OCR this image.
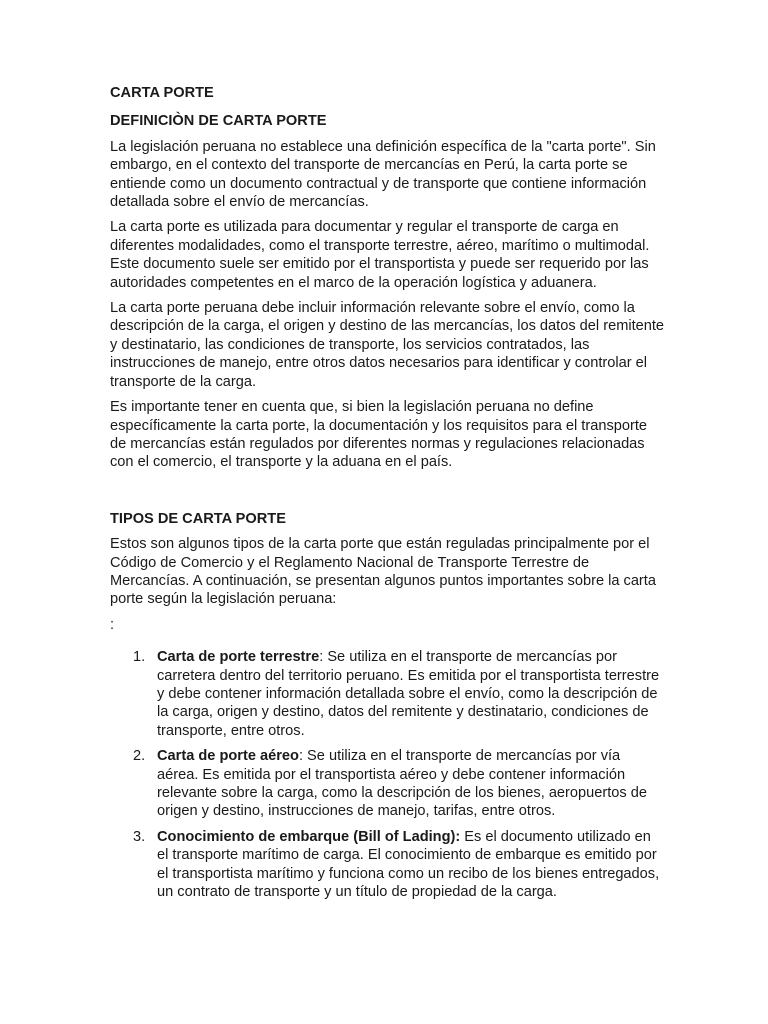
CARTA PORTE

DEFINICIÒN DE CARTA PORTE

La legislación peruana no establece una definición específica de la "carta porte". Sin embargo, en el contexto del transporte de mercancías en Perú, la carta porte se entiende como un documento contractual y de transporte que contiene información detallada sobre el envío de mercancías.

La carta porte es utilizada para documentar y regular el transporte de carga en diferentes modalidades, como el transporte terrestre, aéreo, marítimo o multimodal. Este documento suele ser emitido por el transportista y puede ser requerido por las autoridades competentes en el marco de la operación logística y aduanera.

La carta porte peruana debe incluir información relevante sobre el envío, como la descripción de la carga, el origen y destino de las mercancías, los datos del remitente y destinatario, las condiciones de transporte, los servicios contratados, las instrucciones de manejo, entre otros datos necesarios para identificar y controlar el transporte de la carga.

Es importante tener en cuenta que, si bien la legislación peruana no define específicamente la carta porte, la documentación y los requisitos para el transporte de mercancías están regulados por diferentes normas y regulaciones relacionadas con el comercio, el transporte y la aduana en el país.

TIPOS DE CARTA PORTE

Estos son algunos tipos de la carta porte que están reguladas principalmente por el Código de Comercio y el Reglamento Nacional de Transporte Terrestre de Mercancías. A continuación, se presentan algunos puntos importantes sobre la carta porte según la legislación peruana:

:

1. Carta de porte terrestre: Se utiliza en el transporte de mercancías por carretera dentro del territorio peruano. Es emitida por el transportista terrestre y debe contener información detallada sobre el envío, como la descripción de la carga, origen y destino, datos del remitente y destinatario, condiciones de transporte, entre otros.
2. Carta de porte aéreo: Se utiliza en el transporte de mercancías por vía aérea. Es emitida por el transportista aéreo y debe contener información relevante sobre la carga, como la descripción de los bienes, aeropuertos de origen y destino, instrucciones de manejo, tarifas, entre otros.
3. Conocimiento de embarque (Bill of Lading): Es el documento utilizado en el transporte marítimo de carga. El conocimiento de embarque es emitido por el transportista marítimo y funciona como un recibo de los bienes entregados, un contrato de transporte y un título de propiedad de la carga.
